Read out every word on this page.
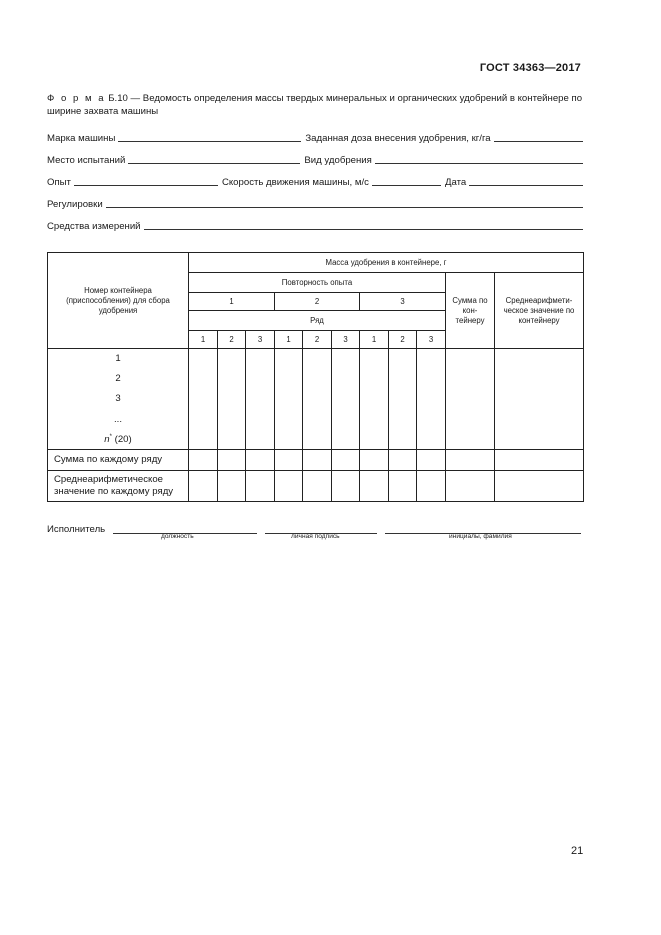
ГОСТ 34363—2017
Ф о р м а Б.10 — Ведомость определения массы твердых минеральных и органических удобрений в контейнере по ширине захвата машины
Марка машины	Заданная доза внесения удобрения, кг/га
Место испытаний	Вид удобрения
Опыт	Скорость движения машины, м/с	Дата
Регулировки
Средства измерений
Номер контейнера (приспособления) для сбора удобрения	Масса удобрения в контейнере, г										
	Повторность опыта									Сумма по кон-тейнеру	Среднеарифмети-ческое значение по контейнеру
	1			2			3				
	Ряд										
	1	2	3	1	2	3	1	2	3		

1
2
3
...
n* (20)											

Сумма по каждому ряду											
Среднеарифметическое значение по каждому ряду											
Исполнитель
должность	личная подпись	инициалы, фамилия
21
